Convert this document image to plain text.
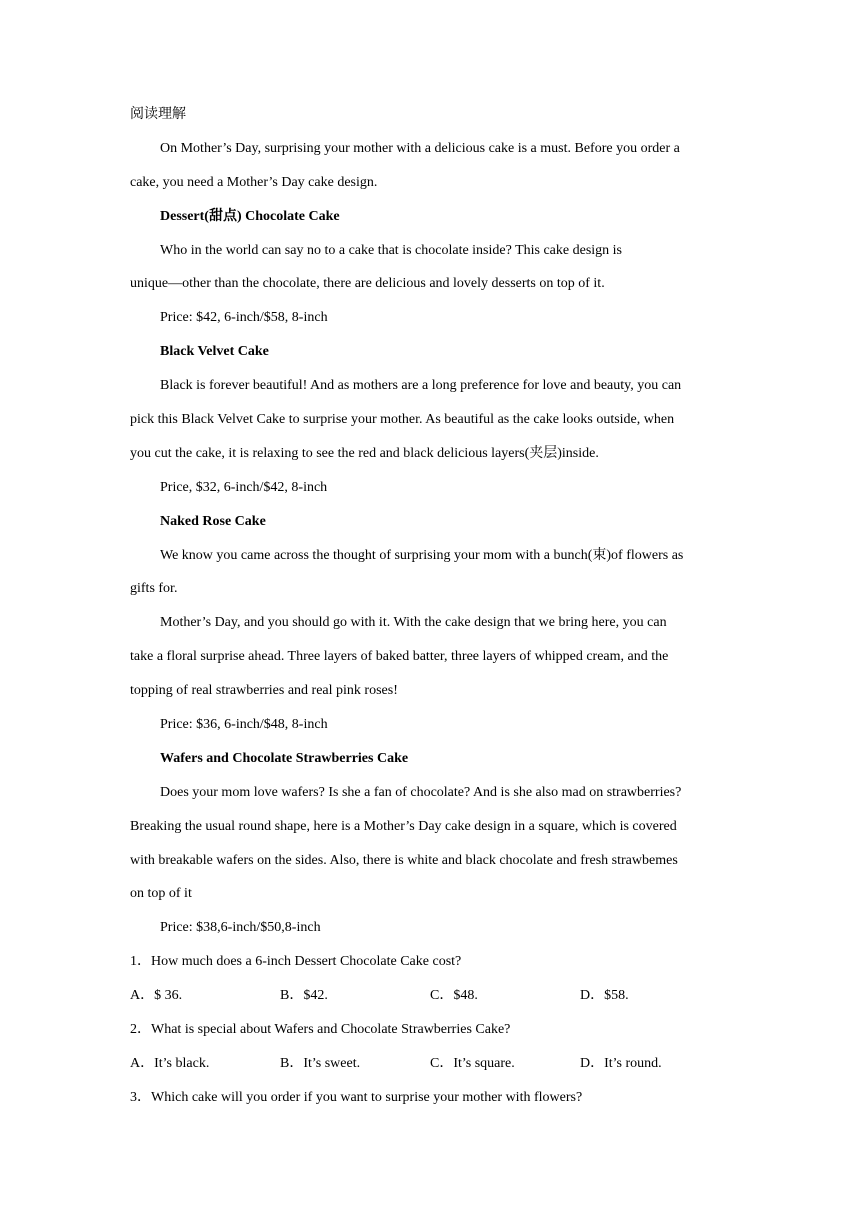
阅读理解
On Mother’s Day, surprising your mother with a delicious cake is a must. Before you order a
cake, you need a Mother’s Day cake design.
Dessert(甜点) Chocolate Cake
Who in the world can say no to a cake that is chocolate inside? This cake design is
unique—other than the chocolate, there are delicious and lovely desserts on top of it.
Price: $42, 6-inch/$58, 8-inch
Black Velvet Cake
Black is forever beautiful! And as mothers are a long preference for love and beauty, you can
pick this Black Velvet Cake to surprise your mother. As beautiful as the cake looks outside, when
you cut the cake, it is relaxing to see the red and black delicious layers(夹层)inside.
Price, $32, 6-inch/$42, 8-inch
Naked Rose Cake
We know you came across the thought of surprising your mom with a bunch(束)of flowers as
gifts for.
Mother’s Day, and you should go with it. With the cake design that we bring here, you can
take a floral surprise ahead. Three layers of baked batter, three layers of whipped cream, and the
topping of real strawberries and real pink roses!
Price: $36, 6-inch/$48, 8-inch
Wafers and Chocolate Strawberries Cake
Does your mom love wafers? Is she a fan of chocolate? And is she also mad on strawberries?
Breaking the usual round shape, here is a Mother’s Day cake design in a square, which is covered
with breakable wafers on the sides. Also, there is white and black chocolate and fresh strawbemes
on top of it
Price: $38,6-inch/$50,8-inch
1．How much does a 6-inch Dessert Chocolate Cake cost?
A．$ 36.	B．$42.	C．$48.	D．$58.
2．What is special about Wafers and Chocolate Strawberries Cake?
A．It’s black.	B．It’s sweet.	C．It’s square.	D．It’s round.
3．Which cake will you order if you want to surprise your mother with flowers?
